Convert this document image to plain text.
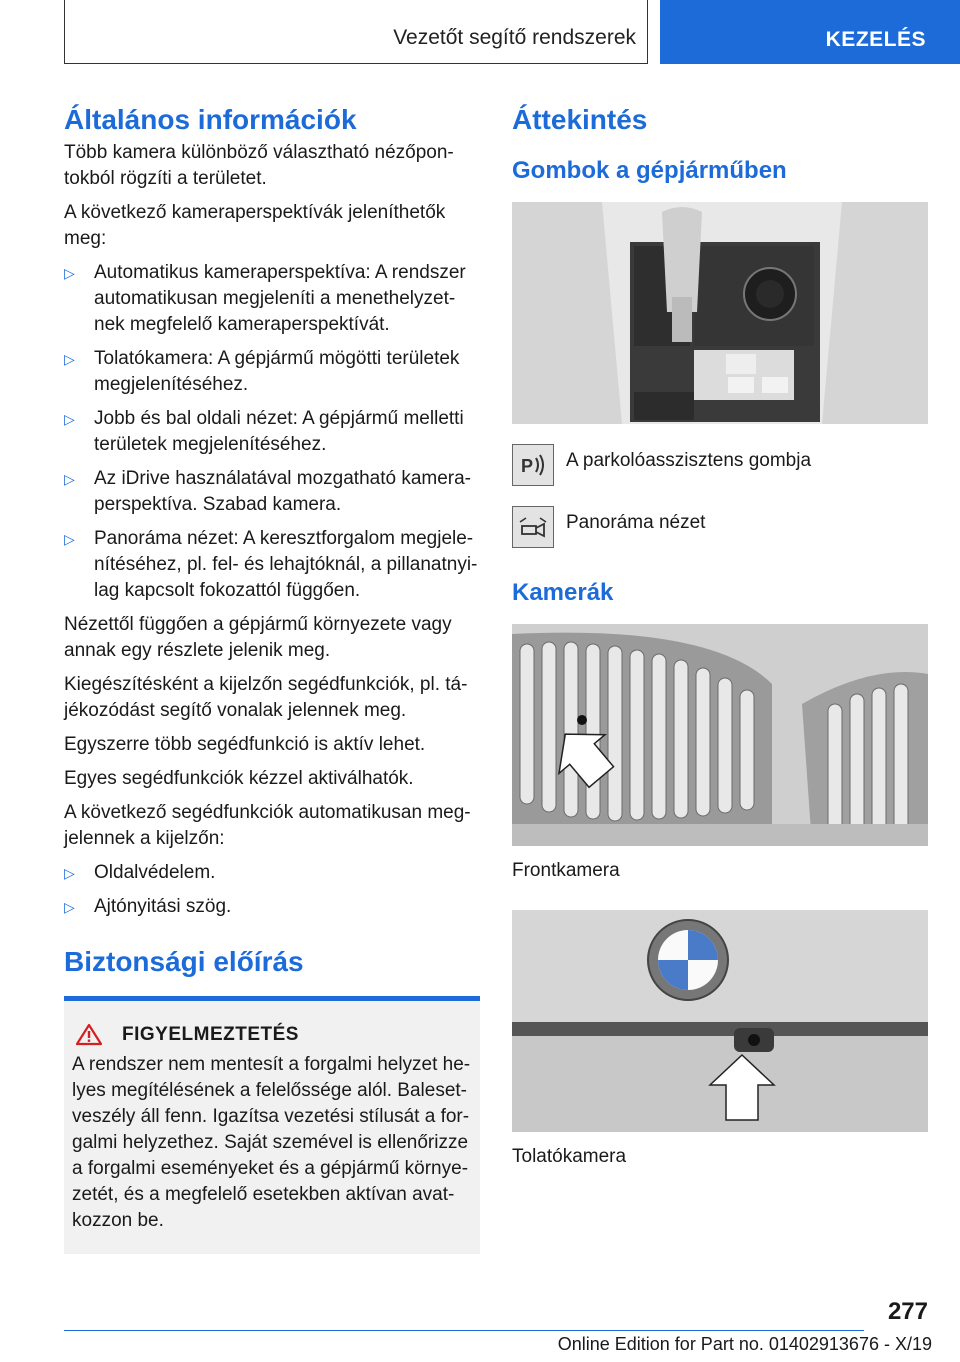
Vezetőt segítő rendszerek	KEZELÉS
Általános információk

Több kamera különböző választható nézőpon-tokból rögzíti a területet.

A következő kameraperspektívák jeleníthetők meg:

▷ Automatikus kameraperspektíva: A rendszer automatikusan megjeleníti a menethelyzet-nek megfelelő kameraperspektívát.
▷ Tolatókamera: A gépjármű mögötti területek megjelenítéséhez.
▷ Jobb és bal oldali nézet: A gépjármű melletti területek megjelenítéséhez.
▷ Az iDrive használatával mozgatható kamera-perspektíva. Szabad kamera.
▷ Panoráma nézet: A keresztforgalom megjele-nítéséhez, pl. fel- és lehajtóknál, a pillanatnyi-lag kapcsolt fokozattól függően.

Nézettől függően a gépjármű környezete vagy annak egy részlete jelenik meg.

Kiegészítésként a kijelzőn segédfunkciók, pl. tá-jékozódást segítő vonalak jelennek meg.

Egyszerre több segédfunkció is aktív lehet.

Egyes segédfunkciók kézzel aktiválhatók.

A következő segédfunkciók automatikusan meg-jelennek a kijelzőn:

▷ Oldalvédelem.
▷ Ajtónyitási szög.
Biztonsági előírás
FIGYELMEZTETÉS

A rendszer nem mentesít a forgalmi helyzet he-lyes megítélésének a felelőssége alól. Baleset-veszély áll fenn. Igazítsa vezetési stílusát a for-galmi helyzethez. Saját szemével is ellenőrizze a forgalmi eseményeket és a gépjármű környe-zetét, és a megfelelő esetekben aktívan avat-kozzon be.

Áttekintés
Gombok a gépjárműben
P A parkolóasszisztens gombja
Panoráma nézet
Kamerák
Frontkamera
Tolatókamera
277
Online Edition for Part no. 01402913676 - X/19
